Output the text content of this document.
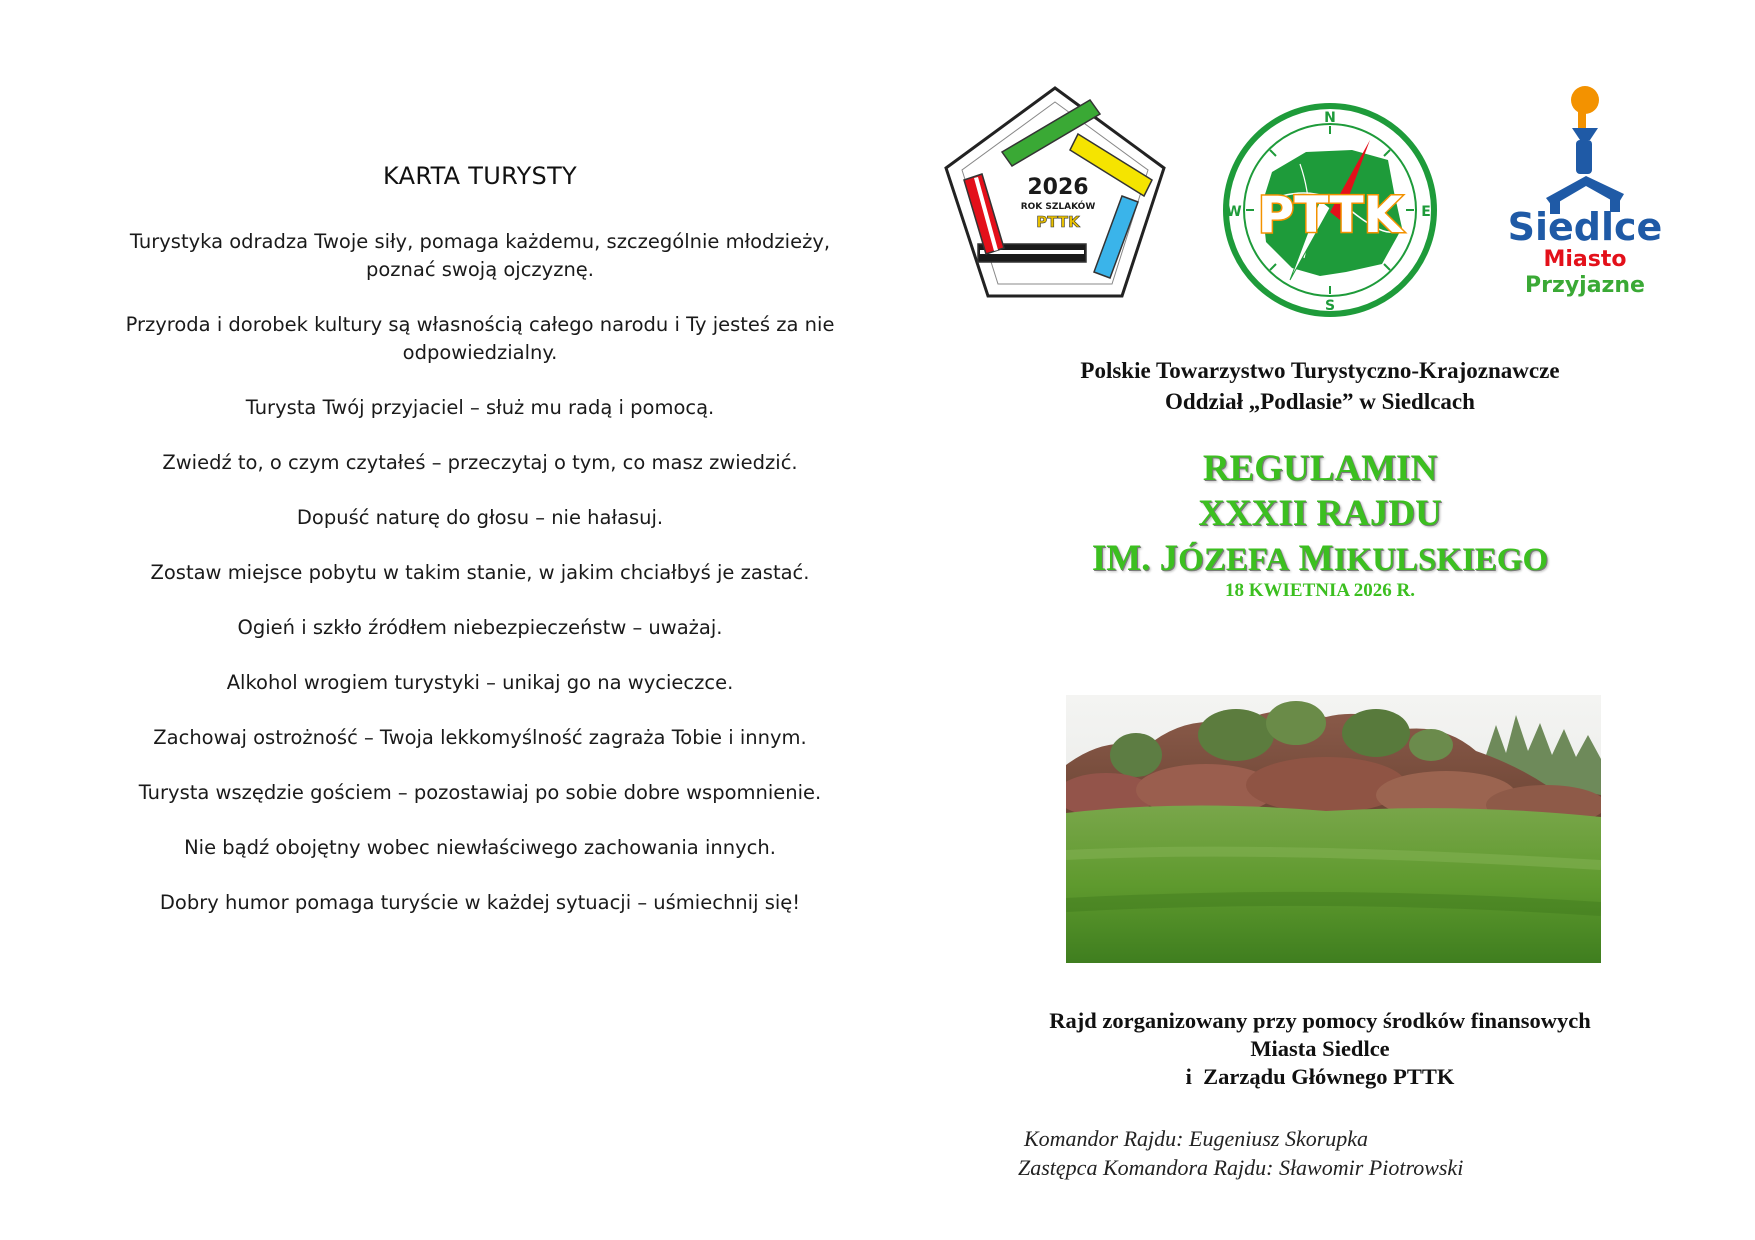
KARTA TURYSTY
Turystyka odradza Twoje siły, pomaga każdemu, szczególnie młodzieży, poznać swoją ojczyznę.
Przyroda i dorobek kultury są własnością całego narodu i Ty jesteś za nie odpowiedzialny.
Turysta Twój przyjaciel – służ mu radą i pomocą.
Zwiedź to, o czym czytałeś – przeczytaj o tym, co masz zwiedzić.
Dopuść naturę do głosu – nie hałasuj.
Zostaw miejsce pobytu w takim stanie, w jakim chciałbyś je zastać.
Ogień i szkło źródłem niebezpieczeństw – uważaj.
Alkohol wrogiem turystyki – unikaj go na wycieczce.
Zachowaj ostrożność – Twoja lekkomyślność zagraża Tobie i innym.
Turysta wszędzie gościem – pozostawiaj po sobie dobre wspomnienie.
Nie bądź obojętny wobec niewłaściwego zachowania innych.
Dobry humor pomaga turyście w każdej sytuacji – uśmiechnij się!
2026
ROK SZLAKÓW
PTTK	PTTK
N
S
W	E Siedlce
Miasto
Przyjazne
Polskie Towarzystwo Turystyczno-Krajoznawcze
Oddział „Podlasie” w Siedlcach
REGULAMIN
XXXII RAJDU
IM. JÓZEFA MIKULSKIEGO
18 KWIETNIA 2026 R.
Rajd zorganizowany przy pomocy środków finansowych
Miasta Siedlce
i  Zarządu Głównego PTTK
Komandor Rajdu: Eugeniusz Skorupka
Zastępca Komandora Rajdu: Sławomir Piotrowski
